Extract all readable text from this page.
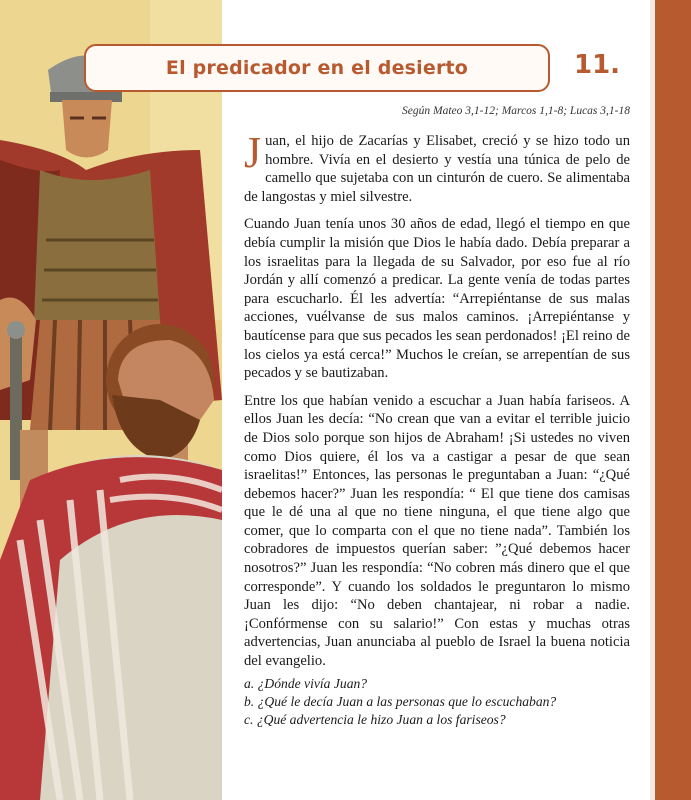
El predicador en el desierto	11.
Según Mateo 3,1-12; Marcos 1,1-8; Lucas 3,1-18

Juan, el hijo de Zacarías y Elisabet, creció y se hizo todo un hombre. Vivía en el desierto y vestía una túnica de pelo de camello que sujetaba con un cinturón de cuero. Se alimentaba de langostas y miel silvestre.

Cuando Juan tenía unos 30 años de edad, llegó el tiempo en que debía cumplir la misión que Dios le había dado. Debía preparar a los israelitas para la llegada de su Salvador, por eso fue al río Jordán y allí comenzó a predicar. La gente venía de todas partes para escucharlo. Él les advertía: “Arrepiéntanse de sus malas acciones, vuélvanse de sus malos caminos. ¡Arrepiéntanse y bautícense para que sus pecados les sean perdonados! ¡El reino de los cielos ya está cerca!” Muchos le creían, se arrepentían de sus pecados y se bautizaban.

Entre los que habían venido a escuchar a Juan había fariseos. A ellos Juan les decía: “No crean que van a evitar el terrible juicio de Dios solo porque son hijos de Abraham! ¡Si ustedes no viven como Dios quiere, él los va a castigar a pesar de que sean israelitas!” Entonces, las personas le preguntaban a Juan: “¿Qué debemos hacer?” Juan les respondía: “ El que tiene dos camisas que le dé una al que no tiene ninguna, el que tiene algo que comer, que lo comparta con el que no tiene nada”. También los cobradores de impuestos querían saber: ”¿Qué debemos hacer nosotros?” Juan les respondía: “No cobren más dinero que el que corresponde”. Y cuando los soldados le preguntaron lo mismo Juan les dijo: “No deben chantajear, ni robar a nadie. ¡Confórmense con su salario!” Con estas y muchas otras advertencias, Juan anunciaba al pueblo de Israel la buena noticia del evangelio.

a. ¿Dónde vivía Juan?
b. ¿Qué le decía Juan a las personas que lo escuchaban?
c. ¿Qué advertencia le hizo Juan a los fariseos?
